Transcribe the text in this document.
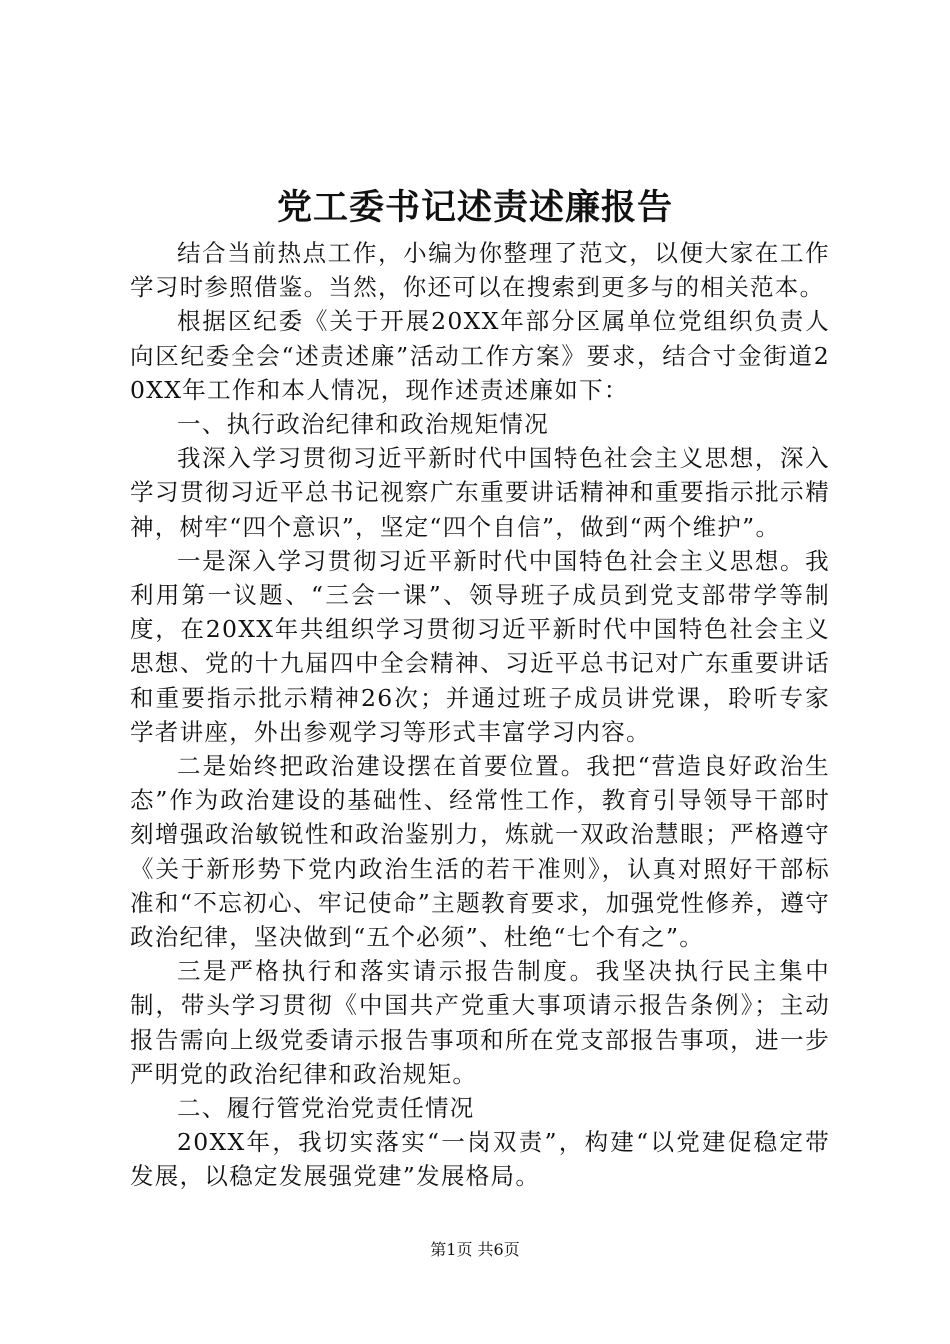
党工委书记述责述廉报告

结合当前热点工作，小编为你整理了范文，以便大家在工作学习时参照借鉴。当然，你还可以在搜索到更多与的相关范本。

根据区纪委《关于开展20XX年部分区属单位党组织负责人向区纪委全会“述责述廉”活动工作方案》要求，结合寸金街道20XX年工作和本人情况，现作述责述廉如下：

一、执行政治纪律和政治规矩情况

我深入学习贯彻习近平新时代中国特色社会主义思想，深入学习贯彻习近平总书记视察广东重要讲话精神和重要指示批示精神，树牢“四个意识”，坚定“四个自信”，做到“两个维护”。

一是深入学习贯彻习近平新时代中国特色社会主义思想。我利用第一议题、“三会一课”、领导班子成员到党支部带学等制度，在20XX年共组织学习贯彻习近平新时代中国特色社会主义思想、党的十九届四中全会精神、习近平总书记对广东重要讲话和重要指示批示精神26次；并通过班子成员讲党课，聆听专家学者讲座，外出参观学习等形式丰富学习内容。

二是始终把政治建设摆在首要位置。我把“营造良好政治生态”作为政治建设的基础性、经常性工作，教育引导领导干部时刻增强政治敏锐性和政治鉴别力，炼就一双政治慧眼；严格遵守《关于新形势下党内政治生活的若干准则》，认真对照好干部标准和“不忘初心、牢记使命”主题教育要求，加强党性修养，遵守政治纪律，坚决做到“五个必须”、杜绝“七个有之”。

三是严格执行和落实请示报告制度。我坚决执行民主集中制，带头学习贯彻《中国共产党重大事项请示报告条例》；主动报告需向上级党委请示报告事项和所在党支部报告事项，进一步严明党的政治纪律和政治规矩。

二、履行管党治党责任情况

20XX年，我切实落实“一岗双责”，构建“以党建促稳定带发展，以稳定发展强党建”发展格局。

第1页 共6页
